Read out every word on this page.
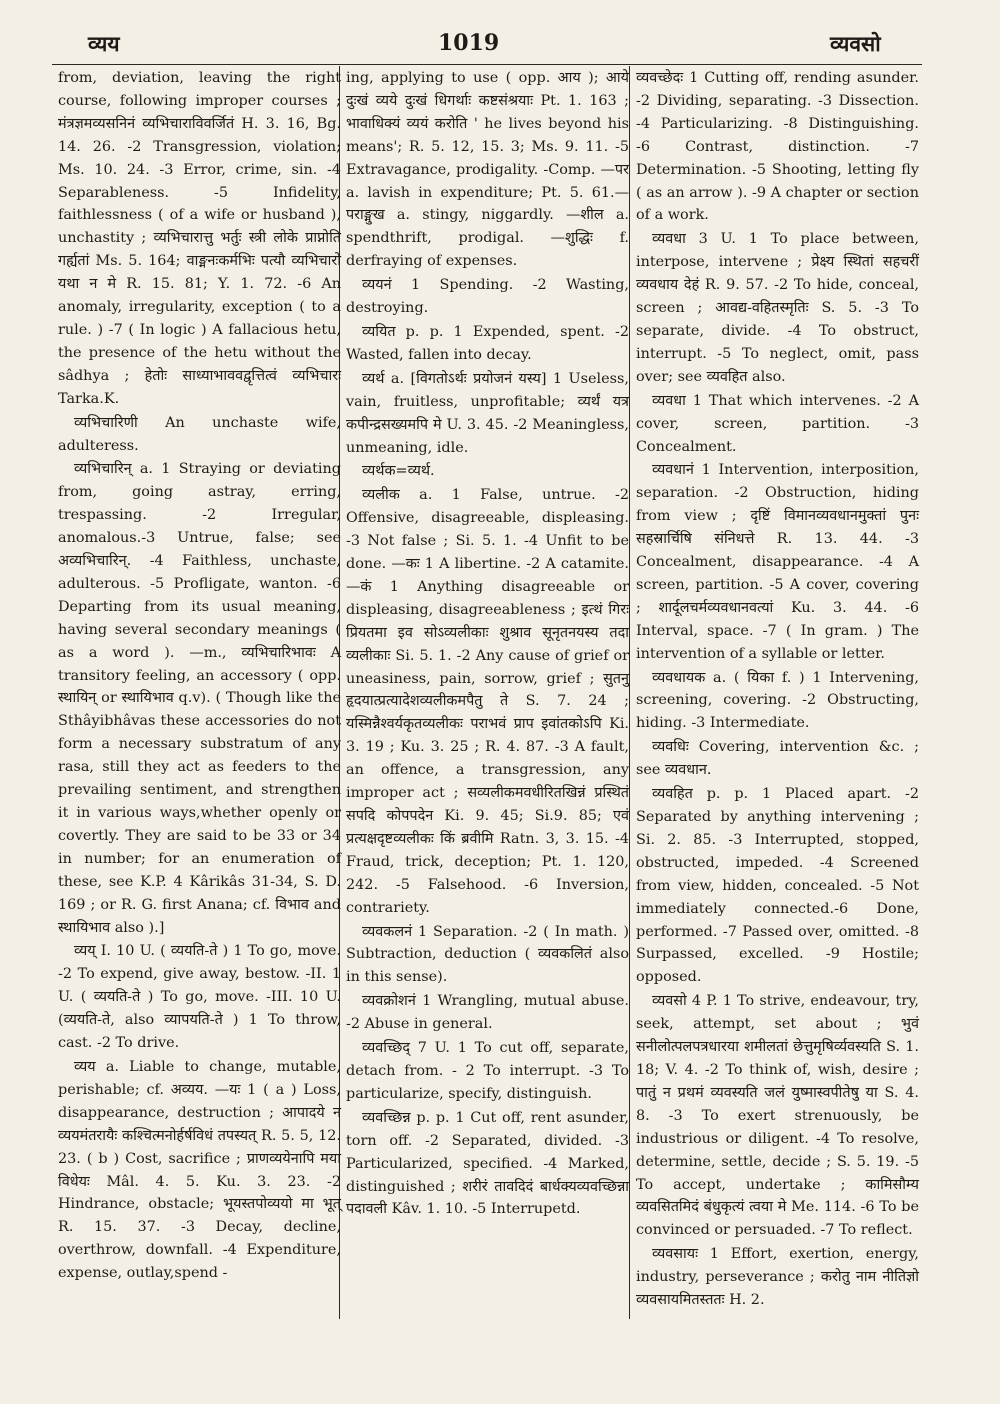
व्यय	1019	व्यवसो

from, deviation, leaving the right course, following improper courses ; मंत्रज्ञमव्यसनिनं व्यभिचाराविवर्जितं H. 3. 16, Bg. 14. 26. -2 Transgression, violation; Ms. 10. 24. -3 Error, crime, sin. -4 Separableness. -5 Infidelity, faithlessness ( of a wife or husband ), unchastity ; व्यभिचारात्तु भर्तुः स्त्री लोके प्राप्नोति गर्ह्यतां Ms. 5. 164; वाङ्मनःकर्मभिः पत्यौ व्यभिचारो यथा न मे R. 15. 81; Y. 1. 72. -6 An anomaly, irregularity, exception ( to a rule. ) -7 ( In logic ) A fallacious hetu, the presence of the hetu without the sâdhya ; हेतोः साध्याभाववद्वृत्तित्वं व्यभिचारः Tarka.K.

व्यभिचारिणी An unchaste wife, adulteress.

व्यभिचारिन् a. 1 Straying or deviating from, going astray, erring, trespassing. -2 Irregular, anomalous.-3 Untrue, false; see अव्यभिचारिन्. -4 Faithless, unchaste, adulterous. -5 Profligate, wanton. -6 Departing from its usual meaning, having several secondary meanings ( as a word ). —m., व्यभिचारिभावः A transitory feeling, an accessory ( opp. स्थायिन् or स्थायिभाव q.v). ( Though like the Sthâyibhâvas these accessories do not form a necessary substratum of any rasa, still they act as feeders to the prevailing sentiment, and strengthen it in various ways,whether openly or covertly. They are said to be 33 or 34 in number; for an enumeration of these, see K.P. 4 Kârikâs 31-34, S. D. 169 ; or R. G. first Anana; cf. विभाव and स्थायिभाव also ).]

व्यय् I. 10 U. ( व्ययति-ते ) 1 To go, move. -2 To expend, give away, bestow. -II. 1 U. ( व्ययति-ते ) To go, move. -III. 10 U. (व्ययति-ते, also व्यापयति-ते ) 1 To throw, cast. -2 To drive.

व्यय a. Liable to change, mutable, perishable; cf. अव्यय. —यः 1 ( a ) Loss, disappearance, destruction ; आपादये न व्ययमंतरायैः कश्चित्मनोर्हर्षविधं तपस्यत् R. 5. 5, 12. 23. ( b ) Cost, sacrifice ; प्राणव्ययेनापि मया विधेयः Mâl. 4. 5. Ku. 3. 23. -2 Hindrance, obstacle; भूयस्तपोव्ययो मा भूत् R. 15. 37. -3 Decay, decline, overthrow, downfall. -4 Expenditure, expense, outlay,spend -

ing, applying to use ( opp. आय ); आये दुःखं व्यये दुःखं धिगर्थाः कष्टसंश्रयाः Pt. 1. 163 ; भावाधिक्यं व्ययं करोति ' he lives beyond his means'; R. 5. 12, 15. 3; Ms. 9. 11. -5 Extravagance, prodigality. -Comp. —पर a. lavish in expenditure; Pt. 5. 61.—पराङ्मुख a. stingy, niggardly. —शील a. spendthrift, prodigal. —शुद्धिः f. derfraying of expenses.

व्ययनं 1 Spending. -2 Wasting, destroying.

व्ययित p. p. 1 Expended, spent. -2 Wasted, fallen into decay.

व्यर्थ a. [विगतोऽर्थः प्रयोजनं यस्य] 1 Useless, vain, fruitless, unprofitable; व्यर्थं यत्र कपीन्द्रसख्यमपि मे U. 3. 45. -2 Meaningless, unmeaning, idle.

व्यर्थक=व्यर्थ.

व्यलीक a. 1 False, untrue. -2 Offensive, disagreeable, displeasing. -3 Not false ; Si. 5. 1. -4 Unfit to be done. —कः 1 A libertine. -2 A catamite. —कं 1 Anything disagreeable or displeasing, disagreeableness ; इत्थं गिरः प्रियतमा इव सोऽव्यलीकाः शुश्राव सूनृतनयस्य तदा व्यलीकाः Si. 5. 1. -2 Any cause of grief or uneasiness, pain, sorrow, grief ; सुतनु हृदयात्प्रत्यादेशव्यलीकमपैतु ते S. 7. 24 ; यस्मिन्नैश्वर्यकृतव्यलीकः पराभवं प्राप इवांतकोऽपि Ki. 3. 19 ; Ku. 3. 25 ; R. 4. 87. -3 A fault, an offence, a transgression, any improper act ; सव्यलीकमवधीरितखिन्नं प्रस्थितं सपदि कोपपदेन Ki. 9. 45; Si.9. 85; एवं प्रत्यक्षदृष्टव्यलीकः किं ब्रवीमि Ratn. 3, 3. 15. -4 Fraud, trick, deception; Pt. 1. 120, 242. -5 Falsehood. -6 Inversion, contrariety.

व्यवकलनं 1 Separation. -2 ( In math. ) Subtraction, deduction ( व्यवकलितं also in this sense).

व्यवक्रोशनं 1 Wrangling, mutual abuse. -2 Abuse in general.

व्यवच्छिद् 7 U. 1 To cut off, separate, detach from. - 2 To interrupt. -3 To particularize, specify, distinguish.

व्यवच्छिन्न p. p. 1 Cut off, rent asunder, torn off. -2 Separated, divided. -3 Particularized, specified. -4 Marked, distinguished ; शरीरं तावदिदं बार्धक्यव्यवच्छिन्ना पदावली Kâv. 1. 10. -5 Interrupetd.

व्यवच्छेदः 1 Cutting off, rending asunder. -2 Dividing, separating. -3 Dissection. -4 Particularizing. -8 Distinguishing. -6 Contrast, distinction. -7 Determination. -5 Shooting, letting fly ( as an arrow ). -9 A chapter or section of a work.

व्यवधा 3 U. 1 To place between, interpose, intervene ; प्रेक्ष्य स्थितां सहचरीं व्यवधाय देहं R. 9. 57. -2 To hide, conceal, screen ; आवद्य-वहितस्मृतिः S. 5. -3 To separate, divide. -4 To obstruct, interrupt. -5 To neglect, omit, pass over; see व्यवहित also.

व्यवधा 1 That which intervenes. -2 A cover, screen, partition. -3 Concealment.

व्यवधानं 1 Intervention, interposition, separation. -2 Obstruction, hiding from view ; दृष्टिं विमानव्यवधानमुक्तां पुनः सहस्रार्चिषि संनिधत्ते R. 13. 44. -3 Concealment, disappearance. -4 A screen, partition. -5 A cover, covering ; शार्दूलचर्मव्यवधानवत्यां Ku. 3. 44. -6 Interval, space. -7 ( In gram. ) The intervention of a syllable or letter.

व्यवधायक a. ( यिका f. ) 1 Intervening, screening, covering. -2 Obstructing, hiding. -3 Intermediate.

व्यवधिः Covering, intervention &c. ; see व्यवधान.

व्यवहित p. p. 1 Placed apart. -2 Separated by anything intervening ; Si. 2. 85. -3 Interrupted, stopped, obstructed, impeded. -4 Screened from view, hidden, concealed. -5 Not immediately connected.-6 Done, performed. -7 Passed over, omitted. -8 Surpassed, excelled. -9 Hostile; opposed.

व्यवसो 4 P. 1 To strive, endeavour, try, seek, attempt, set about ; भुवं सनीलोत्पलपत्रधारया शमीलतां छेत्तुमृषिर्व्यवस्यति S. 1. 18; V. 4. -2 To think of, wish, desire ; पातुं न प्रथमं व्यवस्यति जलं युष्मास्वपीतेषु या S. 4. 8. -3 To exert strenuously, be industrious or diligent. -4 To resolve, determine, settle, decide ; S. 5. 19. -5 To accept, undertake ; कामिसौम्य व्यवसितमिदं बंधुकृत्यं त्वया मे Me. 114. -6 To be convinced or persuaded. -7 To reflect.

व्यवसायः 1 Effort, exertion, energy, industry, perseverance ; करोतु नाम नीतिज्ञो व्यवसायमितस्ततः H. 2.
